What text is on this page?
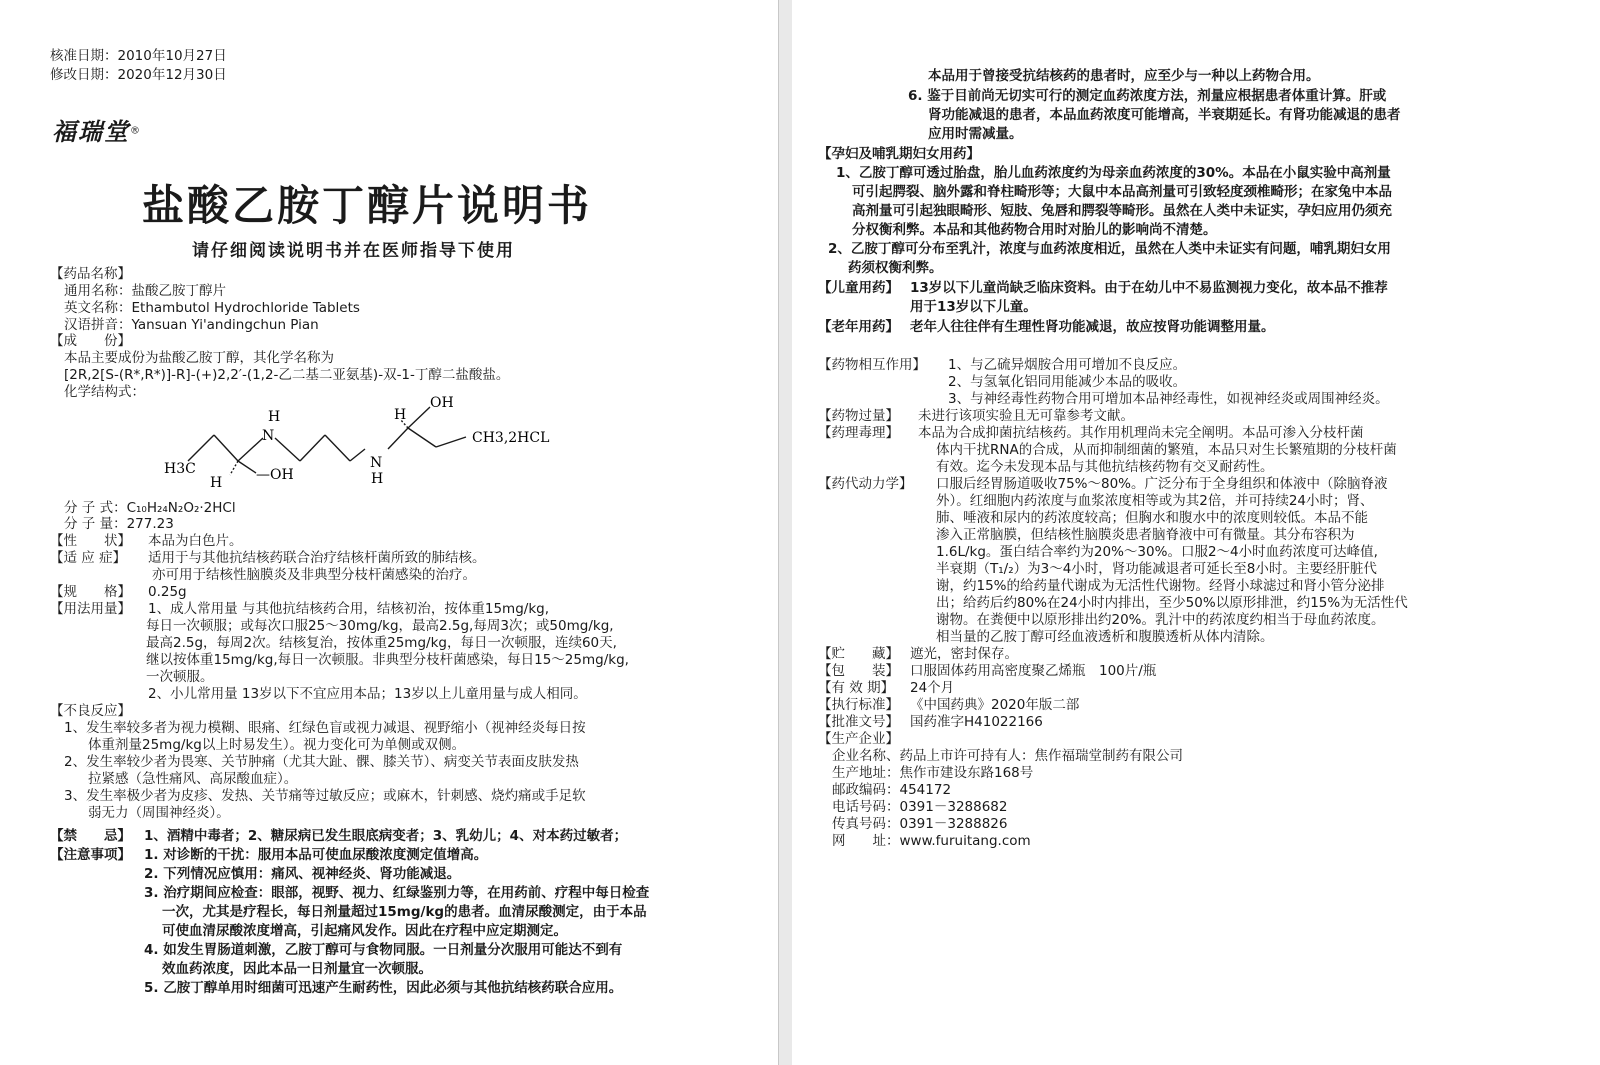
核准日期：2010年10月27日
修改日期：2020年12月30日
福瑞堂®
盐酸乙胺丁醇片说明书
请仔细阅读说明书并在医师指导下使用
【药品名称】
通用名称：盐酸乙胺丁醇片
英文名称：Ethambutol Hydrochloride Tablets
汉语拼音：Yansuan Yi'andingchun Pian
【成　　份】
本品主要成份为盐酸乙胺丁醇，其化学名称为
[2R,2[S-(R*,R*)]-R]-(+)2,2′-(1,2-乙二基二亚氨基)-双-1-丁醇二盐酸盐。
化学结构式：
H
N
H
OH
CH3,2HCL
H3C
H —OH
N
H
分 子 式：C₁₀H₂₄N₂O₂·2HCl
分 子 量：277.23
【性　　状】 本品为白色片。
【适 应 症】 适用于与其他抗结核药联合治疗结核杆菌所致的肺结核。
亦可用于结核性脑膜炎及非典型分枝杆菌感染的治疗。
【规　　格】 0.25g
【用法用量】 1、成人常用量 与其他抗结核药合用，结核初治，按体重15mg/kg,
每日一次顿服；或每次口服25～30mg/kg，最高2.5g,每周3次；或50mg/kg,
最高2.5g，每周2次。结核复治，按体重25mg/kg，每日一次顿服，连续60天,
继以按体重15mg/kg,每日一次顿服。非典型分枝杆菌感染，每日15～25mg/kg,
一次顿服。
2、小儿常用量 13岁以下不宜应用本品；13岁以上儿童用量与成人相同。
【不良反应】
1、发生率较多者为视力模糊、眼痛、红绿色盲或视力减退、视野缩小（视神经炎每日按
体重剂量25mg/kg以上时易发生）。视力变化可为单侧或双侧。
2、发生率较少者为畏寒、关节肿痛（尤其大趾、髁、膝关节）、病变关节表面皮肤发热
拉紧感（急性痛风、高尿酸血症）。
3、发生率极少者为皮疹、发热、关节痛等过敏反应；或麻木，针刺感、烧灼痛或手足软
弱无力（周围神经炎）。
【禁　　忌】 1、酒精中毒者；2、糖尿病已发生眼底病变者；3、乳幼儿；4、对本药过敏者；
【注意事项】 1. 对诊断的干扰：服用本品可使血尿酸浓度测定值增高。
2. 下列情况应慎用：痛风、视神经炎、肾功能减退。
3. 治疗期间应检查：眼部，视野、视力、红绿鉴别力等，在用药前、疗程中每日检查
一次，尤其是疗程长，每日剂量超过15mg/kg的患者。血清尿酸测定，由于本品
可使血清尿酸浓度增高，引起痛风发作。因此在疗程中应定期测定。
4. 如发生胃肠道刺激，乙胺丁醇可与食物同服。一日剂量分次服用可能达不到有
效血药浓度，因此本品一日剂量宜一次顿服。
5. 乙胺丁醇单用时细菌可迅速产生耐药性，因此必须与其他抗结核药联合应用。
本品用于曾接受抗结核药的患者时，应至少与一种以上药物合用。
6. 鉴于目前尚无切实可行的测定血药浓度方法，剂量应根据患者体重计算。肝或
肾功能减退的患者，本品血药浓度可能增高，半衰期延长。有肾功能减退的患者
应用时需减量。
【孕妇及哺乳期妇女用药】
1、乙胺丁醇可透过胎盘，胎儿血药浓度约为母亲血药浓度的30%。本品在小鼠实验中高剂量
可引起腭裂、脑外露和脊柱畸形等；大鼠中本品高剂量可引致轻度颈椎畸形；在家兔中本品
高剂量可引起独眼畸形、短肢、兔唇和腭裂等畸形。虽然在人类中未证实，孕妇应用仍须充
分权衡利弊。本品和其他药物合用时对胎儿的影响尚不清楚。
2、乙胺丁醇可分布至乳汁，浓度与血药浓度相近，虽然在人类中未证实有问题，哺乳期妇女用
药须权衡利弊。
【儿童用药】 13岁以下儿童尚缺乏临床资料。由于在幼儿中不易监测视力变化，故本品不推荐
用于13岁以下儿童。
【老年用药】 老年人往往伴有生理性肾功能减退，故应按肾功能调整用量。
【药物相互作用】 1、与乙硫异烟胺合用可增加不良反应。
2、与氢氧化铝同用能减少本品的吸收。
3、与神经毒性药物合用可增加本品神经毒性，如视神经炎或周围神经炎。
【药物过量】 未进行该项实验且无可靠参考文献。
【药理毒理】 本品为合成抑菌抗结核药。其作用机理尚未完全阐明。本品可渗入分枝杆菌
体内干扰RNA的合成，从而抑制细菌的繁殖，本品只对生长繁殖期的分枝杆菌
有效。迄今未发现本品与其他抗结核药物有交叉耐药性。
【药代动力学】 口服后经胃肠道吸收75%～80%。广泛分布于全身组织和体液中（除脑脊液
外）。红细胞内药浓度与血浆浓度相等或为其2倍，并可持续24小时；肾、
肺、唾液和尿内的药浓度较高；但胸水和腹水中的浓度则较低。本品不能
渗入正常脑膜，但结核性脑膜炎患者脑脊液中可有微量。其分布容积为
1.6L/kg。蛋白结合率约为20%～30%。口服2～4小时血药浓度可达峰值,
半衰期（T₁/₂）为3～4小时，肾功能减退者可延长至8小时。主要经肝脏代
谢，约15%的给药量代谢成为无活性代谢物。经肾小球滤过和肾小管分泌排
出；给药后约80%在24小时内排出，至少50%以原形排泄，约15%为无活性代
谢物。在粪便中以原形排出约20%。乳汁中的药浓度约相当于母血药浓度。
相当量的乙胺丁醇可经血液透析和腹膜透析从体内清除。
【贮　　藏】 遮光，密封保存。
【包　　装】 口服固体药用高密度聚乙烯瓶　100片/瓶
【有 效 期】 24个月
【执行标准】 《中国药典》2020年版二部
【批准文号】 国药准字H41022166
【生产企业】
企业名称、药品上市许可持有人：焦作福瑞堂制药有限公司
生产地址：焦作市建设东路168号
邮政编码：454172
电话号码：0391－3288682
传真号码：0391－3288826
网　　址：www.furuitang.com
